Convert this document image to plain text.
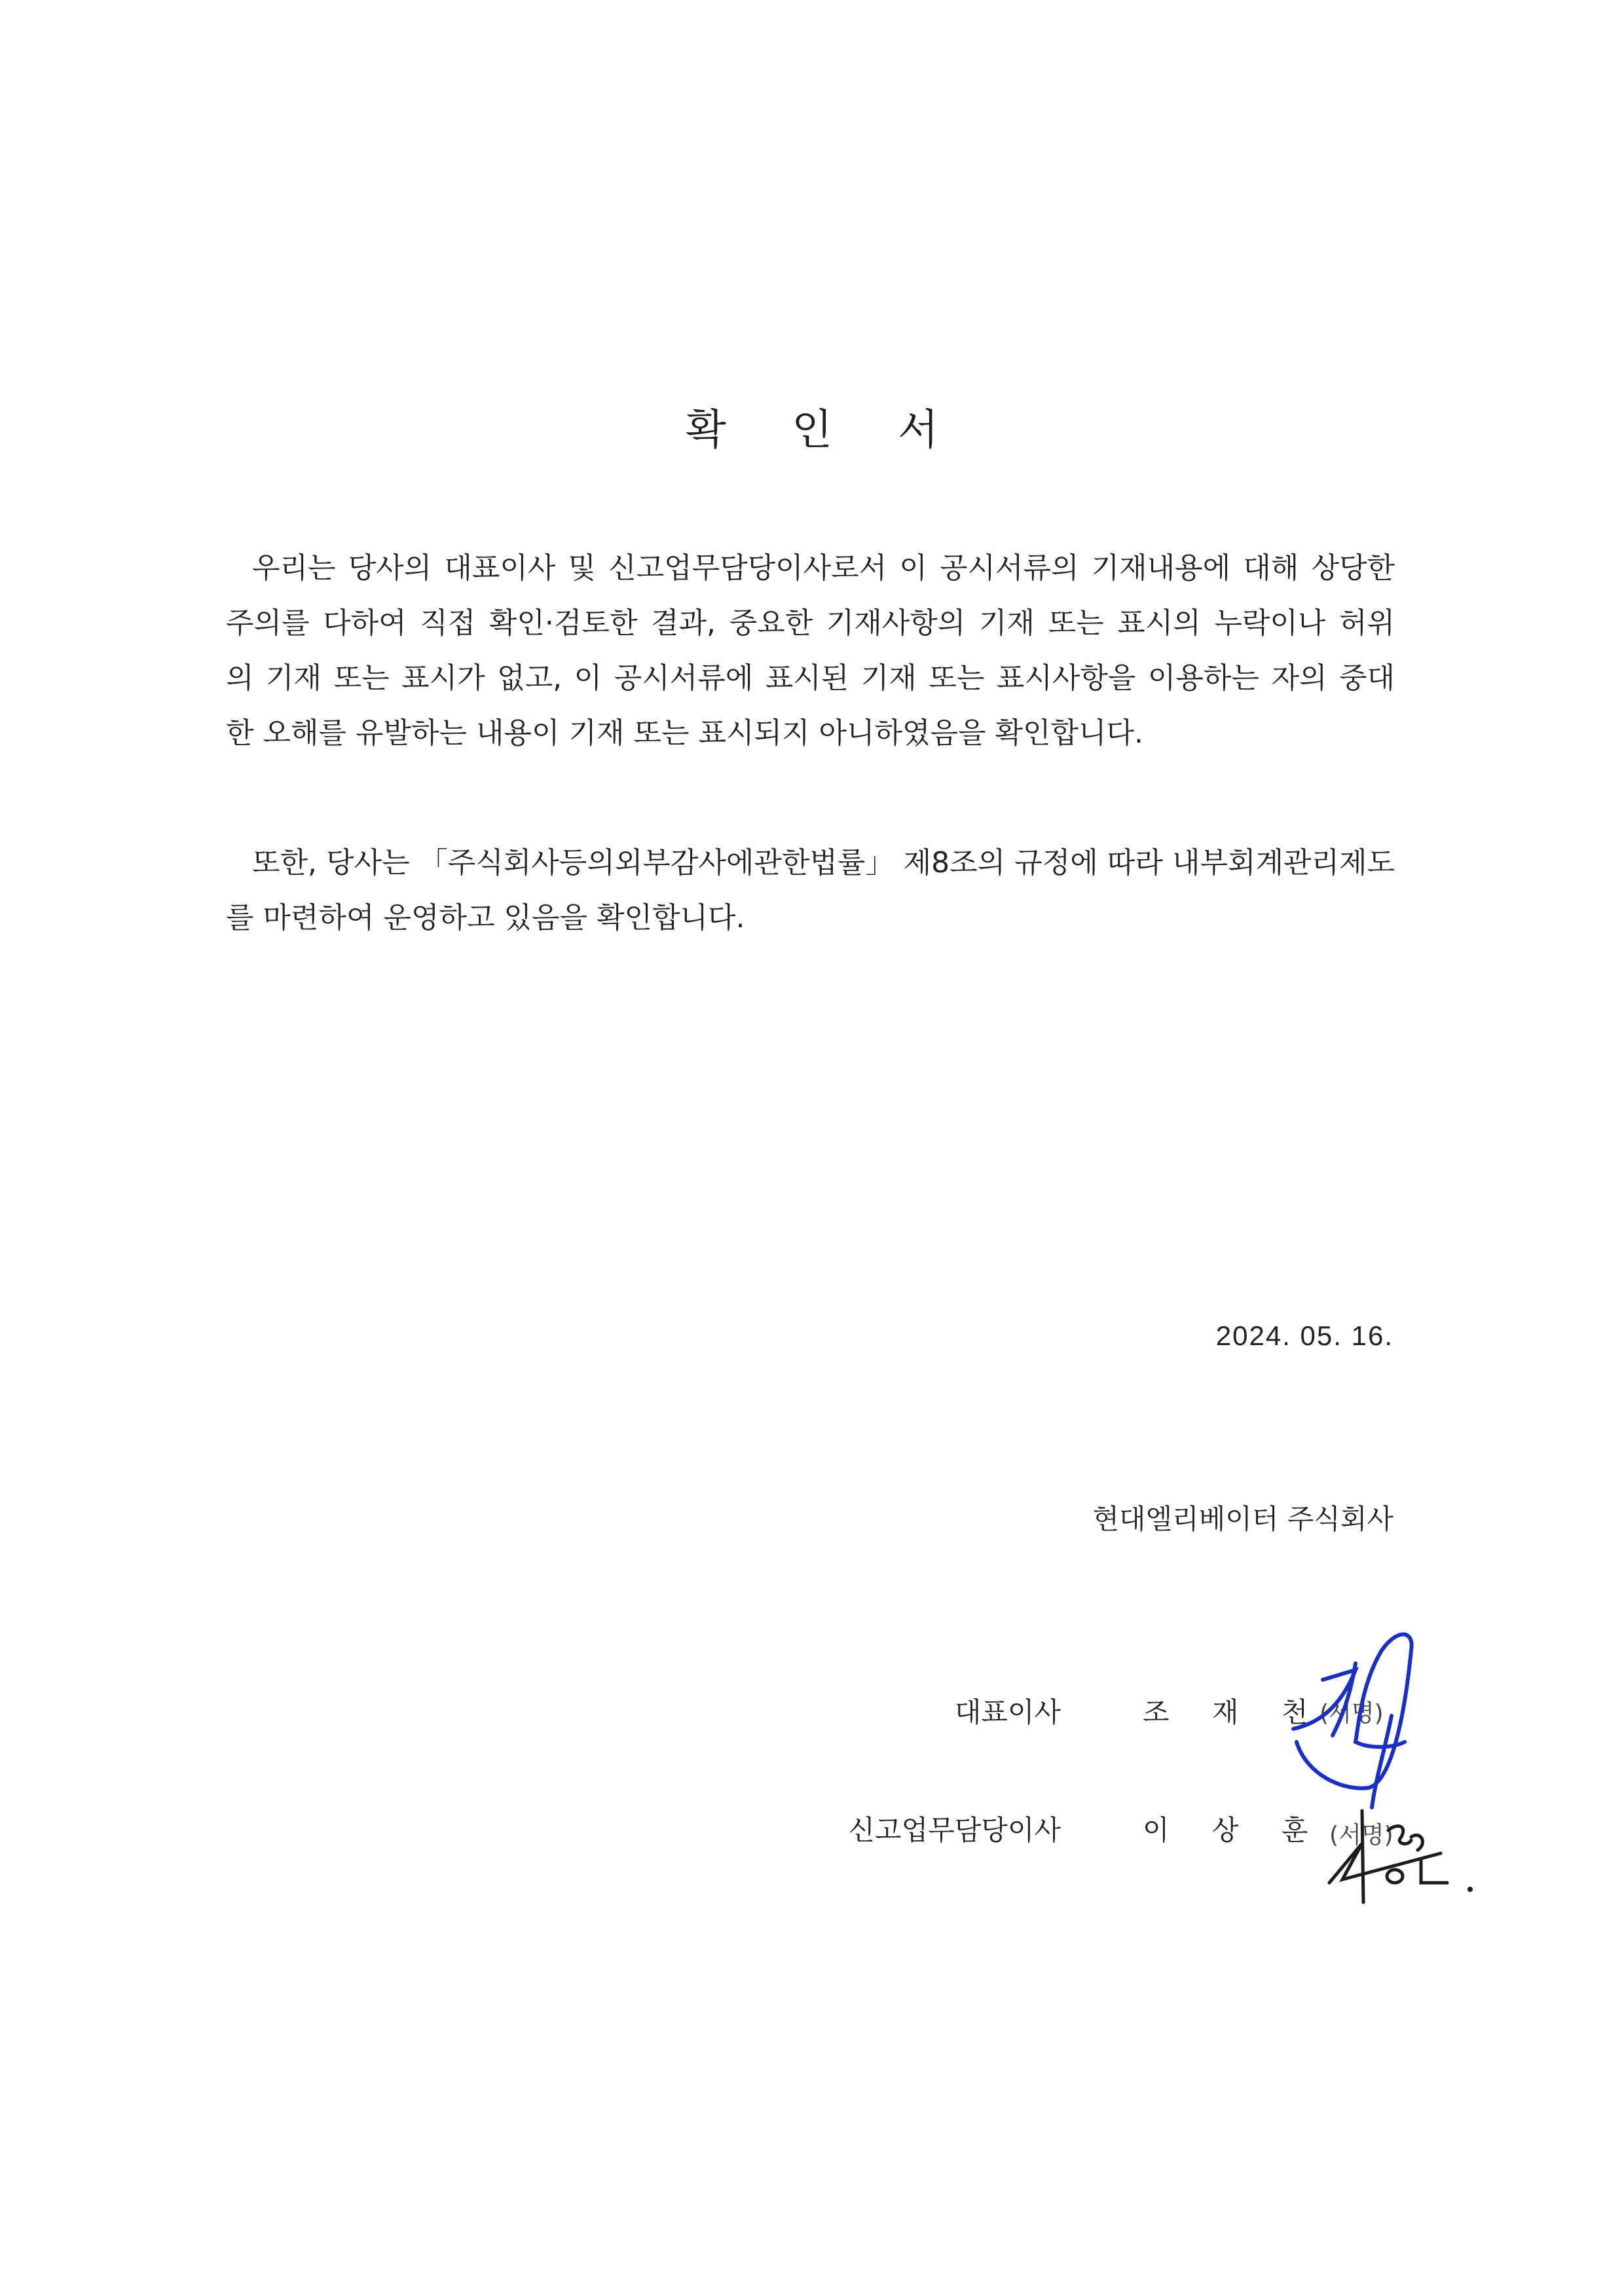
확 인 서
우리는 당사의 대표이사 및 신고업무담당이사로서 이 공시서류의 기재내용에 대해 상당한
주의를 다하여 직접 확인·검토한 결과, 중요한 기재사항의 기재 또는 표시의 누락이나 허위
의 기재 또는 표시가 없고, 이 공시서류에 표시된 기재 또는 표시사항을 이용하는 자의 중대
한 오해를 유발하는 내용이 기재 또는 표시되지 아니하였음을 확인합니다.
또한, 당사는 「주식회사등의외부감사에관한법률」 제8조의 규정에 따라 내부회계관리제도
를 마련하여 운영하고 있음을 확인합니다.
2024. 05. 16.
현대엘리베이터 주식회사
대표이사	조 재 천
(서명)
신고업무담당이사	이 상 훈 (서명)
